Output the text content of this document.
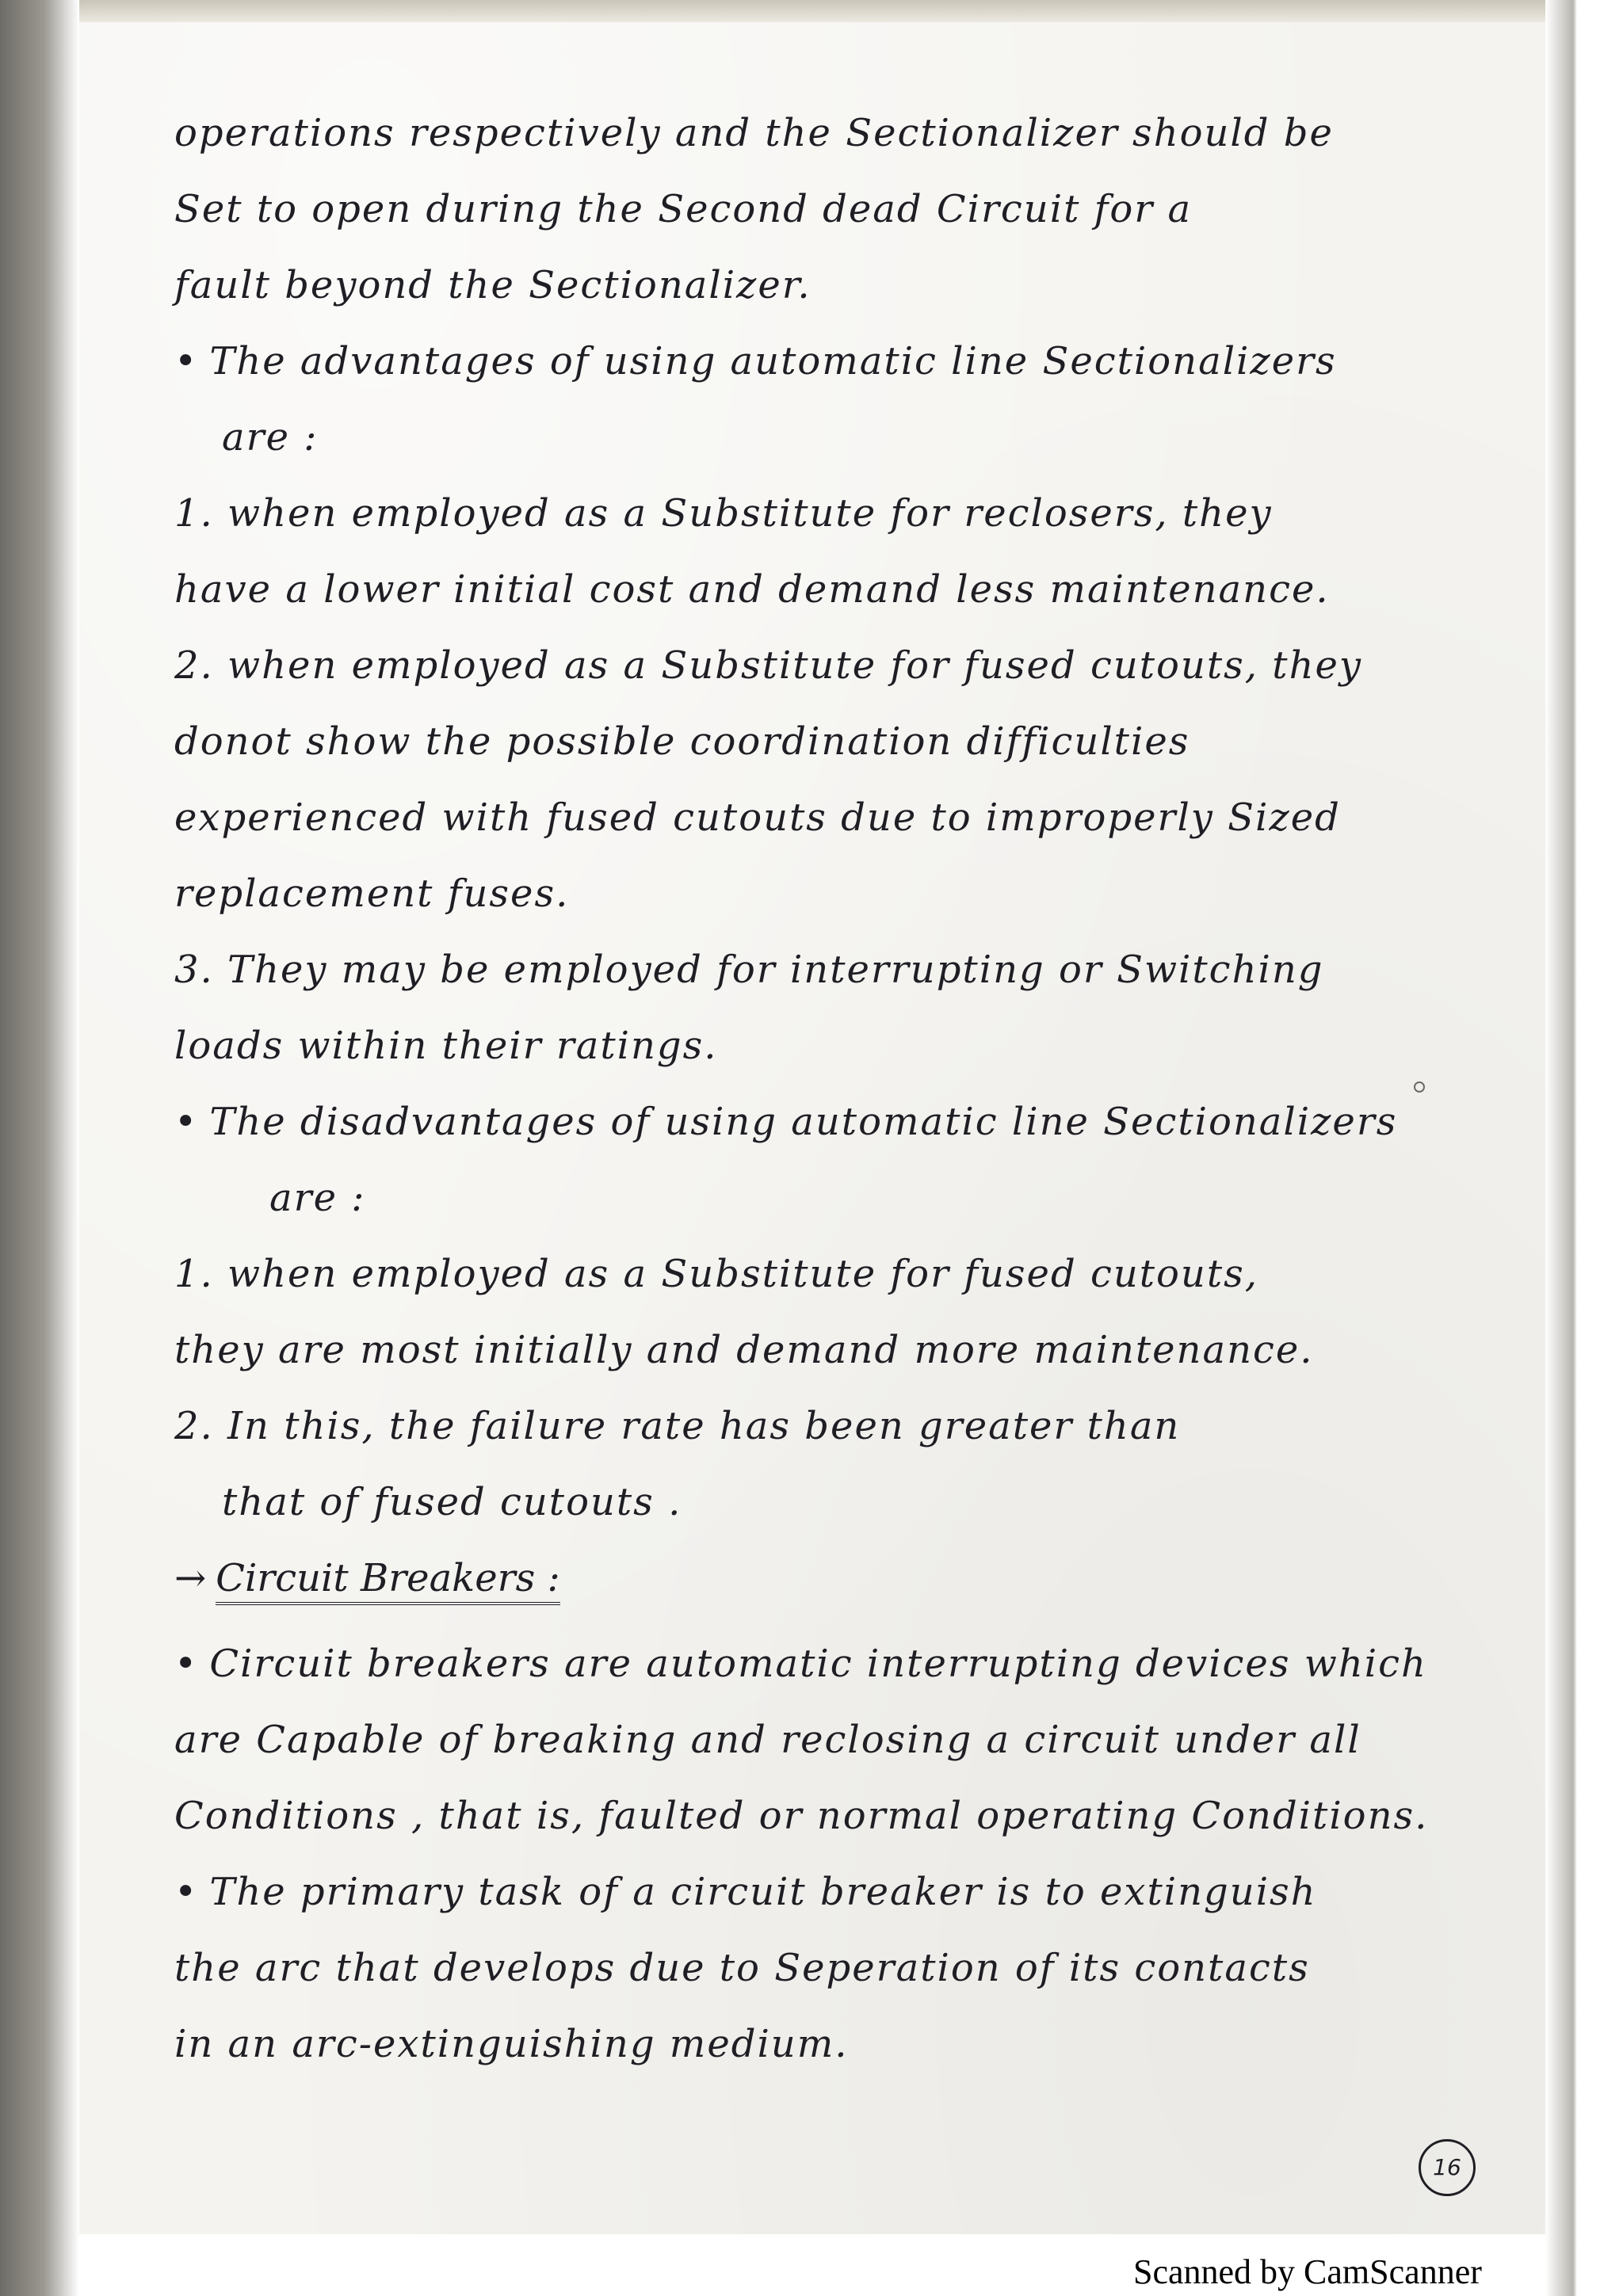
operations respectively and the Sectionalizer should be
Set to open during the Second dead Circuit for a
fault beyond the Sectionalizer.
• The advantages of using automatic line Sectionalizers
are :
1. when employed as a Substitute for reclosers, they
have a lower initial cost and demand less maintenance.
2. when employed as a Substitute for fused cutouts, they
donot show the possible coordination difficulties
experienced with fused cutouts due to improperly Sized
replacement fuses.
3. They may be employed for interrupting or Switching
loads within their ratings.
• The disadvantages of using automatic line Sectionalizers
are :
1. when employed as a Substitute for fused cutouts,
they are most initially and demand more maintenance.
2. In this, the failure rate has been greater than
that of fused cutouts .
→ Circuit Breakers :
• Circuit breakers are automatic interrupting devices which
are Capable of breaking and reclosing a circuit under all
Conditions , that is, faulted or normal operating Conditions.
• The primary task of a circuit breaker is to extinguish
the arc that develops due to Seperation of its contacts
in an arc-extinguishing medium.
16
Scanned by CamScanner
